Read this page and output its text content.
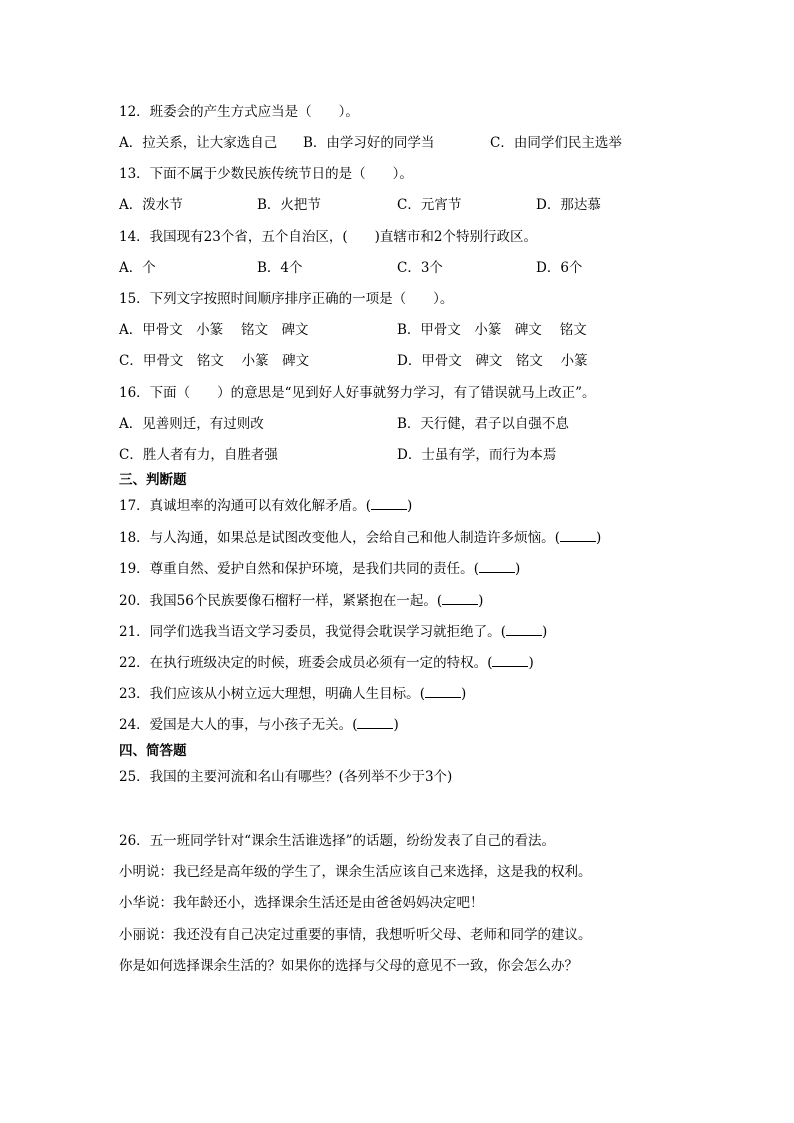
12．班委会的产生方式应当是（　　）。
A．拉关系，让大家选自己 B．由学习好的同学当	C．由同学们民主选举
13．下面不属于少数民族传统节日的是（　　）。
A．泼水节	B．火把节	C．元宵节	D．那达慕
14．我国现有23个省，五个自治区，(　　)直辖市和2个特别行政区。
A．个	B．4个	C．3个	D．6个
15．下列文字按照时间顺序排序正确的一项是（　　）。
A．甲骨文　小篆　 铭文　碑文	B．甲骨文　小篆　碑文　 铭文
C．甲骨文　铭文　 小篆　碑文	D．甲骨文　碑文　铭文　 小篆
16．下面（　　）的意思是“见到好人好事就努力学习，有了错误就马上改正”。
A．见善则迁，有过则改	B．天行健，君子以自强不息
C．胜人者有力，自胜者强	D．士虽有学，而行为本焉
三、判断题
17．真诚坦率的沟通可以有效化解矛盾。(	)
18．与人沟通，如果总是试图改变他人，会给自己和他人制造许多烦恼。(	)
19．尊重自然、爱护自然和保护环境，是我们共同的责任。(	)
20．我国56个民族要像石榴籽一样，紧紧抱在一起。(	)
21．同学们选我当语文学习委员，我觉得会耽误学习就拒绝了。(	)
22．在执行班级决定的时候，班委会成员必须有一定的特权。(	)
23．我们应该从小树立远大理想，明确人生目标。(	)
24．爱国是大人的事，与小孩子无关。(	)
四、简答题
25．我国的主要河流和名山有哪些？(各列举不少于3个)
26．五一班同学针对“课余生活谁选择”的话题，纷纷发表了自己的看法。
小明说：我已经是高年级的学生了，课余生活应该自己来选择，这是我的权利。
小华说：我年龄还小，选择课余生活还是由爸爸妈妈决定吧！
小丽说：我还没有自己决定过重要的事情，我想听听父母、老师和同学的建议。
你是如何选择课余生活的？如果你的选择与父母的意见不一致，你会怎么办？
